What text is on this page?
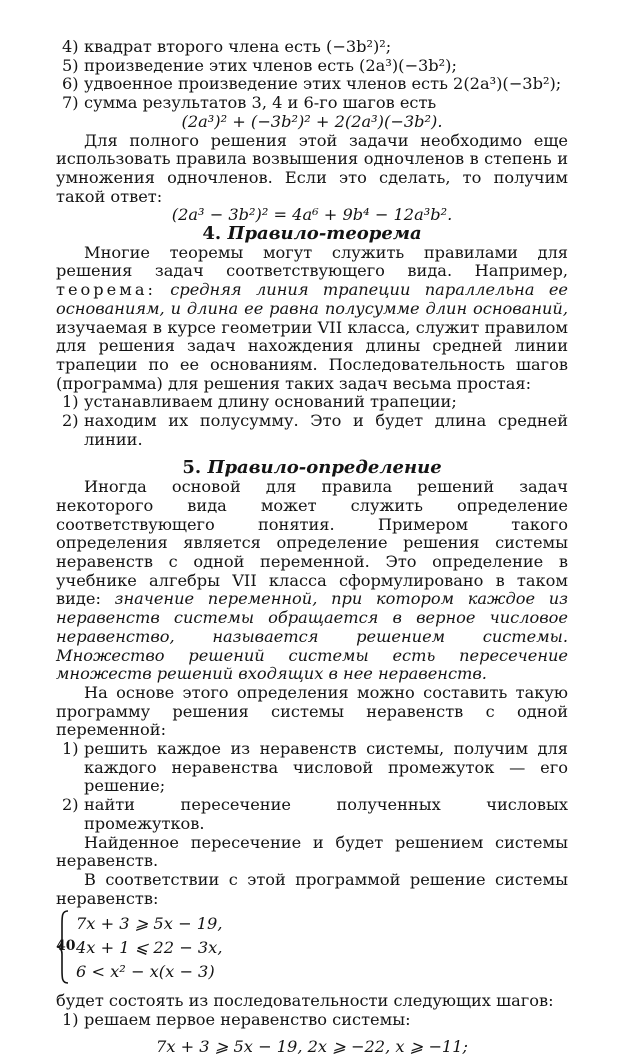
4) квадрат второго члена есть (−3b²)²;

5) произведение этих членов есть (2a³)(−3b²);

6) удвоенное произведение этих членов есть 2(2a³)(−3b²);

7) сумма результатов 3, 4 и 6-го шагов есть

(2a³)² + (−3b²)² + 2(2a³)(−3b²).

Для полного решения этой задачи необходимо еще использовать правила возвышения одночленов в степень и умножения одночленов. Если это сделать, то получим такой ответ:

(2a³ − 3b²)² = 4a⁶ + 9b⁴ − 12a³b².

4. Правило-теорема

Многие теоремы могут служить правилами для решения задач соответствующего вида. Например, теорема: средняя линия трапеции параллельна ее основаниям, и длина ее равна полусумме длин оснований, изучаемая в курсе геометрии VII класса, служит правилом для решения задач нахождения длины средней линии трапеции по ее основаниям. Последовательность шагов (программа) для решения таких задач весьма простая:

1) устанавливаем длину оснований трапеции;

2) находим их полусумму. Это и будет длина средней линии.

5. Правило-определение

Иногда основой для правила решений задач некоторого вида может служить определение соответствующего понятия. Примером такого определения является определение решения системы неравенств с одной переменной. Это определение в учебнике алгебры VII класса сформулировано в таком виде: значение переменной, при котором каждое из неравенств системы обращается в верное числовое неравенство, называется решением системы. Множество решений системы есть пересечение множеств решений входящих в нее неравенств.

На основе этого определения можно составить такую программу решения системы неравенств с одной переменной:

1) решить каждое из неравенств системы, получим для каждого неравенства числовой промежуток — его решение;

2) найти пересечение полученных числовых промежутков.

Найденное пересечение и будет решением системы неравенств.

В соответствии с этой программой решение системы неравенств:

7x + 3 ⩾ 5x − 19,
4x + 1 ⩽ 22 − 3x,
6 < x² − x(x − 3)

будет состоять из последовательности следующих шагов:

1) решаем первое неравенство системы:

7x + 3 ⩾ 5x − 19, 2x ⩾ −22, x ⩾ −11;

40
